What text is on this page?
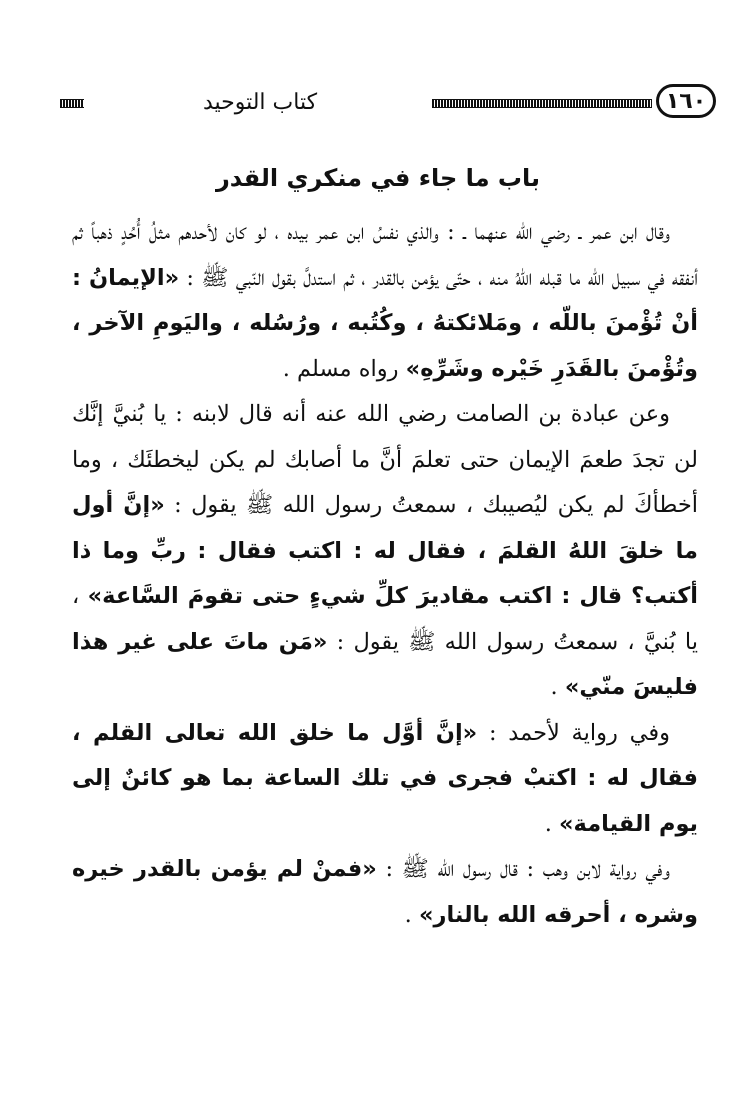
١٦٠
كتاب التوحيد
باب ما جاء في منكري القدر

وقال ابن عمر ـ رضي الله عنهما ـ : والذي نفسُ ابن عمر بيده ، لو كان لأحدهم مثلُ أُحُدٍ ذهباً ثم أنفقه في سبيل الله ما قبله اللهُ منه ، حتّى يؤمن بالقدر ، ثم استدلَّ بقول النّبي ﷺ : «الإيمانُ : أنْ تُؤْمنَ باللّه ، ومَلائكتهُ ، وكُتُبه ، ورُسُله ، واليَومِ الآخر ، وتُؤْمنَ بالقَدَرِ خَيْره وشَرِّهِ» رواه مسلم .

وعن عبادة بن الصامت رضي الله عنه أنه قال لابنه : يا بُنيَّ إنَّك لن تجدَ طعمَ الإيمان حتى تعلمَ أنَّ ما أصابك لم يكن ليخطئَك ، وما أخطأكَ لم يكن ليُصيبك ، سمعتُ رسول الله ﷺ يقول : «إنَّ أول ما خلقَ اللهُ القلمَ ، فقال له : اكتب فقال : ربِّ وما ذا أكتب؟ قال : اكتب مقاديرَ كلِّ شيءٍ حتى تقومَ السَّاعة» ، يا بُنيَّ ، سمعتُ رسول الله ﷺ يقول : «مَن ماتَ على غير هذا فليسَ منّي» .

وفي رواية لأحمد : «إنَّ أوَّل ما خلق الله تعالى القلم ، فقال له : اكتبْ فجرى في تلك الساعة بما هو كائنٌ إلى يوم القيامة» .

وفي رواية لابن وهب : قال رسول الله ﷺ : «فمنْ لم يؤمن بالقدر خيره وشره ، أحرقه الله بالنار» .
